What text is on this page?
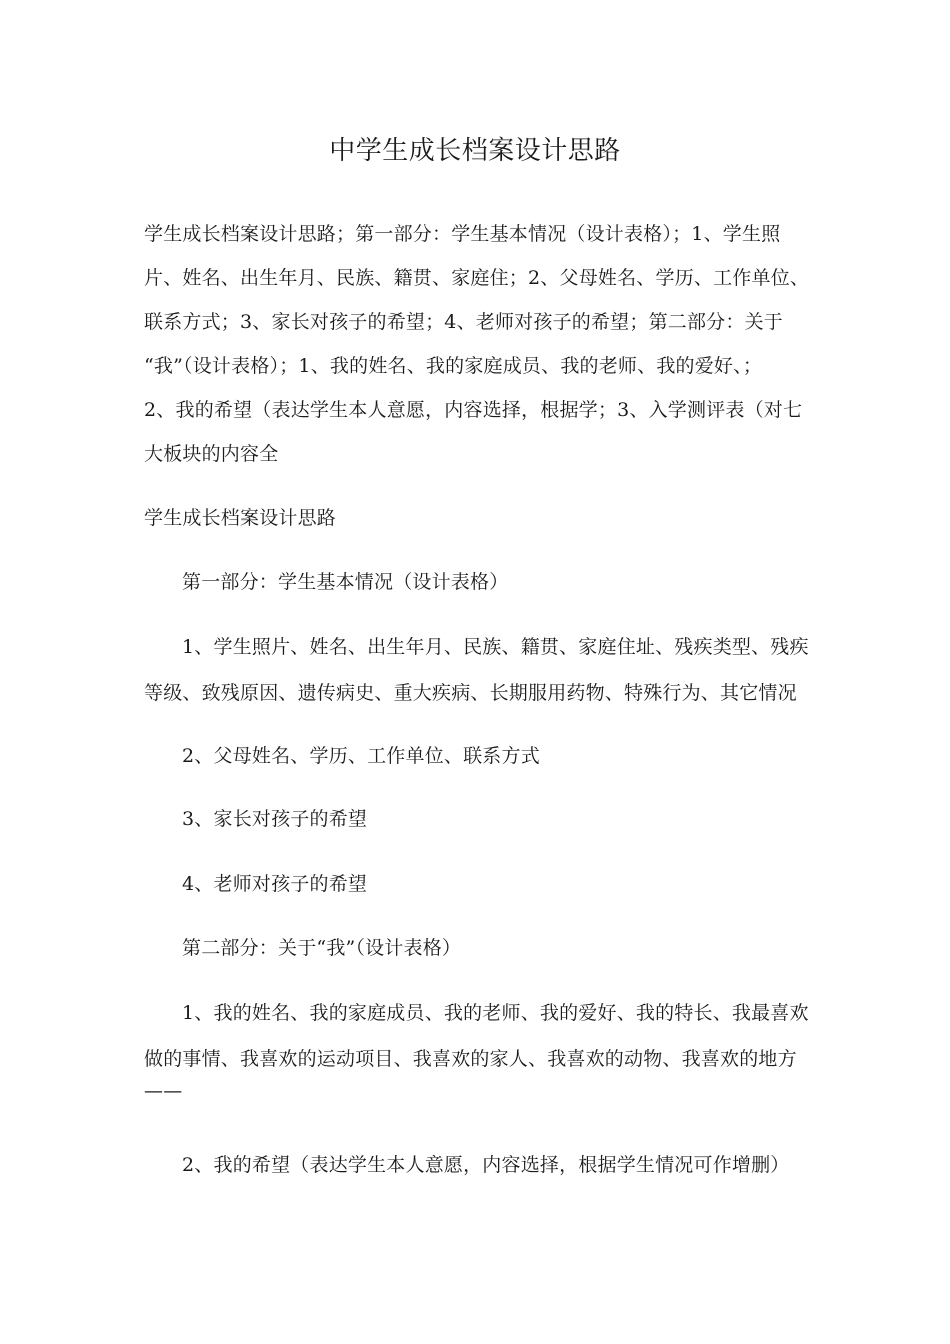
中学生成长档案设计思路
学生成长档案设计思路；第一部分：学生基本情况（设计表格）；1、学生照
片、姓名、出生年月、民族、籍贯、家庭住；2、父母姓名、学历、工作单位、
联系方式；3、家长对孩子的希望；4、老师对孩子的希望；第二部分：关于
“我”（设计表格）；1、我的姓名、我的家庭成员、我的老师、我的爱好、；
2、我的希望（表达学生本人意愿，内容选择，根据学；3、入学测评表（对七
大板块的内容全
学生成长档案设计思路
第一部分：学生基本情况（设计表格）
1、学生照片、姓名、出生年月、民族、籍贯、家庭住址、残疾类型、残疾
等级、致残原因、遗传病史、重大疾病、长期服用药物、特殊行为、其它情况
2、父母姓名、学历、工作单位、联系方式
3、家长对孩子的希望
4、老师对孩子的希望
第二部分：关于“我”（设计表格）
1、我的姓名、我的家庭成员、我的老师、我的爱好、我的特长、我最喜欢
做的事情、我喜欢的运动项目、我喜欢的家人、我喜欢的动物、我喜欢的地方
——
2、我的希望（表达学生本人意愿，内容选择，根据学生情况可作增删）
